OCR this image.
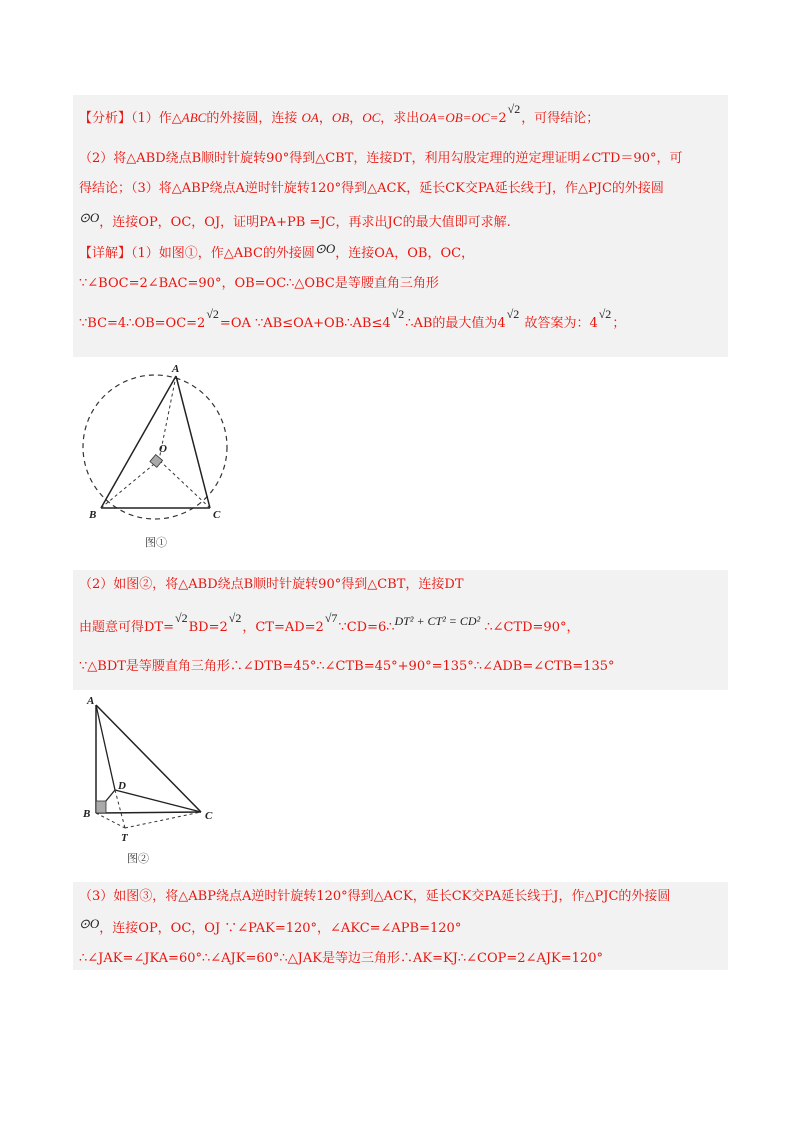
【分析】（1）作△ABC的外接圆，连接 OA，OB，OC，求出OA=OB=OC=2√2，可得结论；
（2）将△ABD绕点B顺时针旋转90°得到△CBT，连接DT，利用勾股定理的逆定理证明∠CTD＝90°，可
得结论；（3）将△ABP绕点A逆时针旋转120°得到△ACK，延长CK交PA延长线于J，作△PJC的外接圆
⊙O，连接OP，OC，OJ，证明PA+PB =JC，再求出JC的最大值即可求解.
【详解】（1）如图①，作△ABC的外接圆⊙O，连接OA，OB，OC，
∵∠BOC=2∠BAC=90°，OB=OC∴△OBC是等腰直角三角形
∵BC=4∴OB=OC=2√2=OA ∵AB≤OA+OB∴AB≤4√2∴AB的最大值为4√2 故答案为：4√2；
A
O
B	C
图①
（2）如图②，将△ABD绕点B顺时针旋转90°得到△CBT，连接DT
由题意可得DT=√2BD=2√2，CT=AD=2√7∵CD=6∴DT² + CT² = CD² ∴∠CTD=90°，
∵△BDT是等腰直角三角形∴∠DTB=45°∴∠CTB=45°+90°=135°∴∠ADB=∠CTB=135°
A
D
B	C
T
图②
（3）如图③，将△ABP绕点A逆时针旋转120°得到△ACK，延长CK交PA延长线于J，作△PJC的外接圆
⊙O，连接OP，OC，OJ ∵∠PAK=120°，∠AKC=∠APB=120°
∴∠JAK=∠JKA=60°∴∠AJK=60°∴△JAK是等边三角形∴AK=KJ∴∠COP=2∠AJK=120°
